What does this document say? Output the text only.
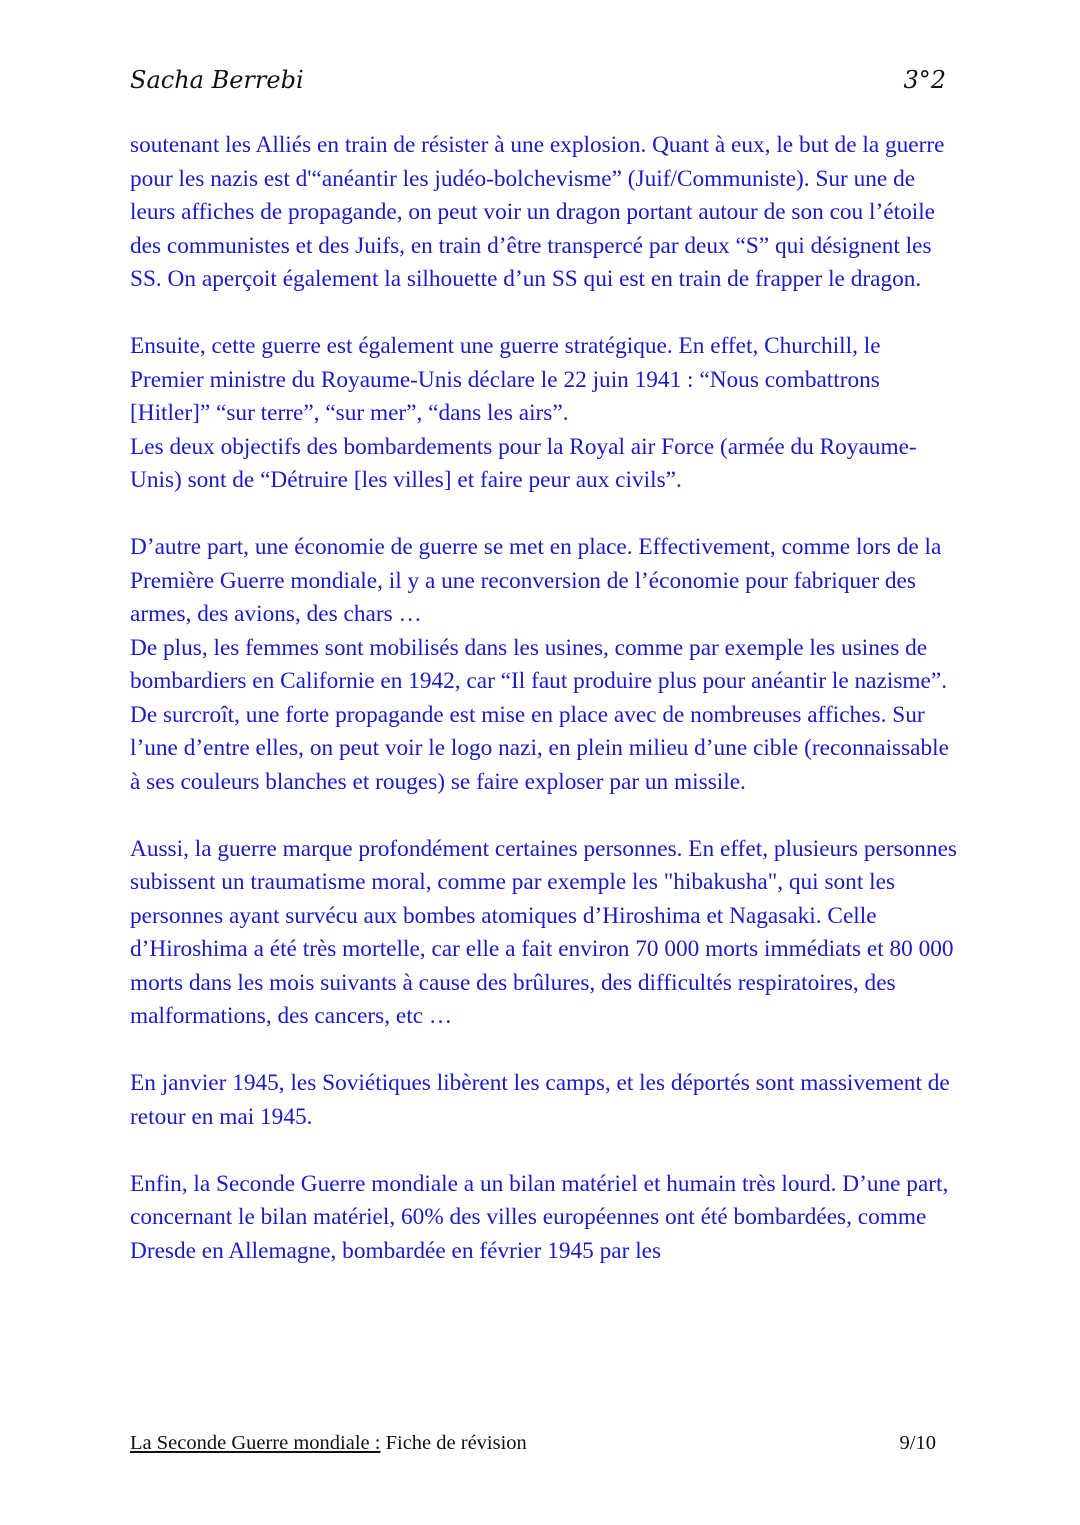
Sacha Berrebi	3°2

soutenant les Alliés en train de résister à une explosion. Quant à eux, le but de la guerre pour les nazis est d'“anéantir les judéo-bolchevisme” (Juif/Communiste). Sur une de leurs affiches de propagande, on peut voir un dragon portant autour de son cou l’étoile des communistes et des Juifs, en train d’être transpercé par deux “S” qui désignent les SS. On aperçoit également la silhouette d’un SS qui est en train de frapper le dragon.

Ensuite, cette guerre est également une guerre stratégique. En effet, Churchill, le Premier ministre du Royaume-Unis déclare le 22 juin 1941 : “Nous combattrons [Hitler]” “sur terre”, “sur mer”, “dans les airs”.

Les deux objectifs des bombardements pour la Royal air Force (armée du Royaume-Unis) sont de “Détruire [les villes] et faire peur aux civils”.

D’autre part, une économie de guerre se met en place. Effectivement, comme lors de la Première Guerre mondiale, il y a une reconversion de l’économie pour fabriquer des armes, des avions, des chars …

De plus, les femmes sont mobilisés dans les usines, comme par exemple les usines de bombardiers en Californie en 1942, car “Il faut produire plus pour anéantir le nazisme”.

De surcroît, une forte propagande est mise en place avec de nombreuses affiches. Sur l’une d’entre elles, on peut voir le logo nazi, en plein milieu d’une cible (reconnaissable à ses couleurs blanches et rouges) se faire exploser par un missile.

Aussi, la guerre marque profondément certaines personnes. En effet, plusieurs personnes subissent un traumatisme moral, comme par exemple les "hibakusha", qui sont les personnes ayant survécu aux bombes atomiques d’Hiroshima et Nagasaki. Celle d’Hiroshima a été très mortelle, car elle a fait environ 70 000 morts immédiats et 80 000 morts dans les mois suivants à cause des brûlures, des difficultés respiratoires, des malformations, des cancers, etc …

En janvier 1945, les Soviétiques libèrent les camps, et les déportés sont massivement de retour en mai 1945.

Enfin, la Seconde Guerre mondiale a un bilan matériel et humain très lourd. D’une part, concernant le bilan matériel, 60% des villes européennes ont été bombardées, comme Dresde en Allemagne, bombardée en février 1945 par les

La Seconde Guerre mondiale : Fiche de révision	9/10
